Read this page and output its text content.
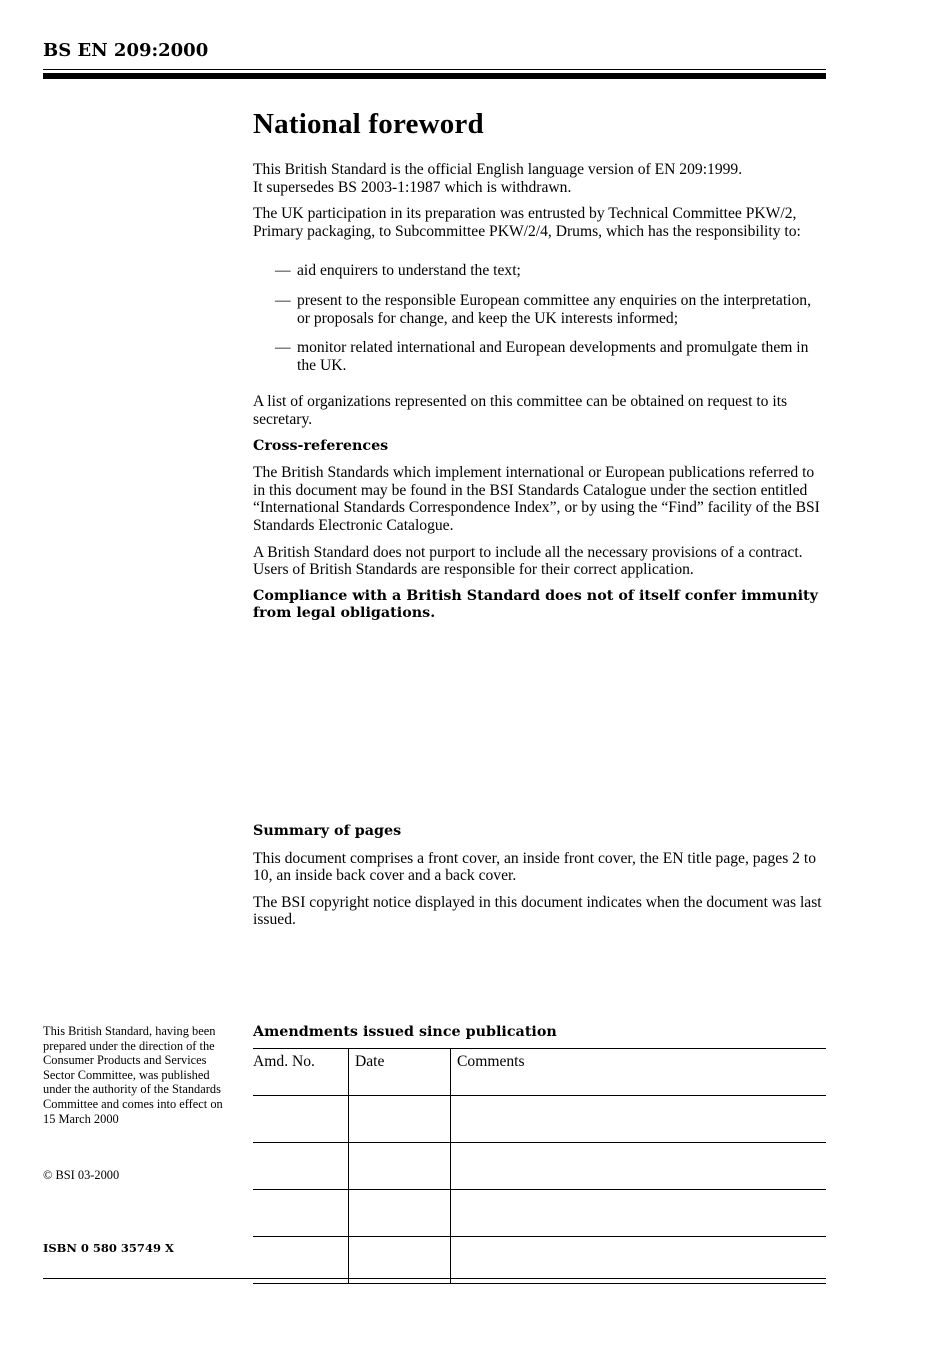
BS EN 209:2000
National foreword

This British Standard is the official English language version of EN 209:1999.
It supersedes BS 2003-1:1987 which is withdrawn.

The UK participation in its preparation was entrusted by Technical Committee PKW/2, Primary packaging, to Subcommittee PKW/2/4, Drums, which has the responsibility to:

— aid enquirers to understand the text;
— present to the responsible European committee any enquiries on the interpretation, or proposals for change, and keep the UK interests informed;
— monitor related international and European developments and promulgate them in the UK.

A list of organizations represented on this committee can be obtained on request to its secretary.

Cross-references

The British Standards which implement international or European publications referred to in this document may be found in the BSI Standards Catalogue under the section entitled “International Standards Correspondence Index”, or by using the “Find” facility of the BSI Standards Electronic Catalogue.

A British Standard does not purport to include all the necessary provisions of a contract. Users of British Standards are responsible for their correct application.

Compliance with a British Standard does not of itself confer immunity from legal obligations.

Summary of pages

This document comprises a front cover, an inside front cover, the EN title page, pages 2 to 10, an inside back cover and a back cover.

The BSI copyright notice displayed in this document indicates when the document was last issued.

This British Standard, having been prepared under the direction of the Consumer Products and Services Sector Committee, was published under the authority of the Standards Committee and comes into effect on 15 March 2000
© BSI 03-2000
ISBN 0 580 35749 X
Amendments issued since publication
Amd. No.	Date	Comments
